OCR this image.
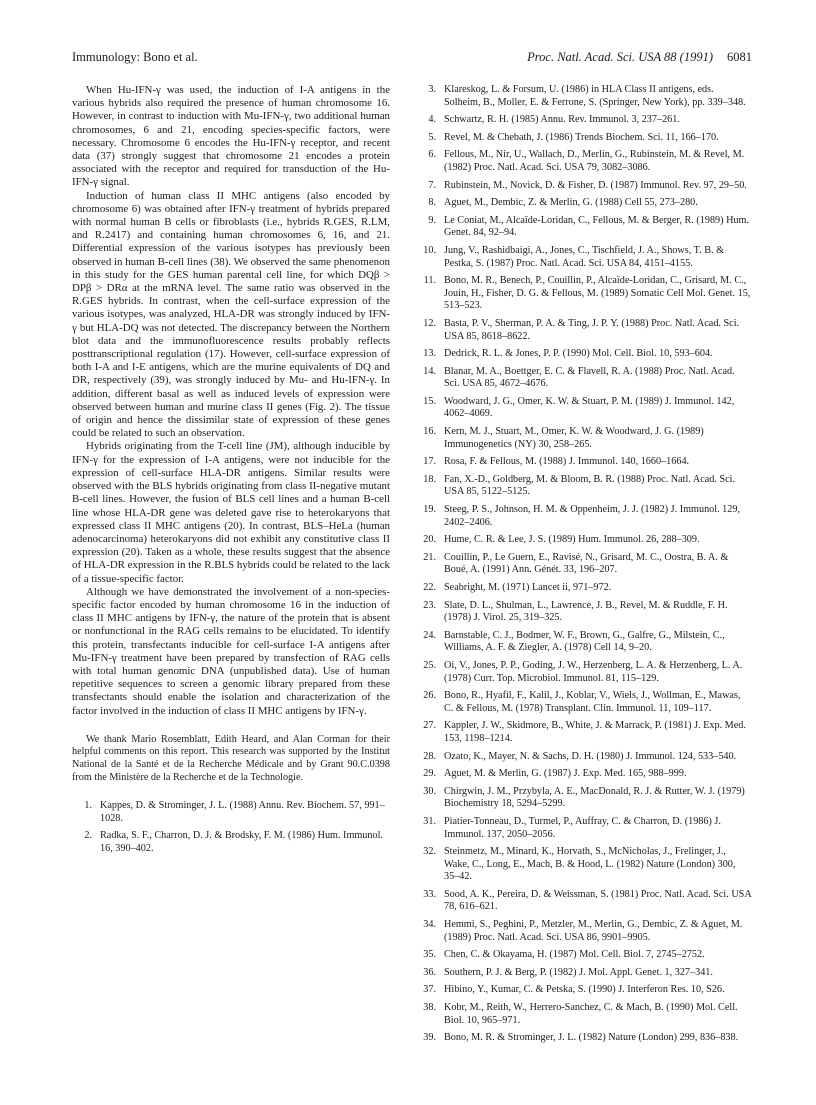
Immunology: Bono et al.	Proc. Natl. Acad. Sci. USA 88 (1991) 6081

When Hu-IFN-γ was used, the induction of I-A antigens in the various hybrids also required the presence of human chromosome 16. However, in contrast to induction with Mu-IFN-γ, two additional human chromosomes, 6 and 21, encoding species-specific factors, were necessary. Chromosome 6 encodes the Hu-IFN-γ receptor, and recent data (37) strongly suggest that chromosome 21 encodes a protein associated with the receptor and required for transduction of the Hu-IFN-γ signal.

Induction of human class II MHC antigens (also encoded by chromosome 6) was obtained after IFN-γ treatment of hybrids prepared with normal human B cells or fibroblasts (i.e., hybrids R.GES, R.LM, and R.2417) and containing human chromosomes 6, 16, and 21. Differential expression of the various isotypes has previously been observed in human B-cell lines (38). We observed the same phenomenon in this study for the GES human parental cell line, for which DQβ > DPβ > DRα at the mRNA level. The same ratio was observed in the R.GES hybrids. In contrast, when the cell-surface expression of the various isotypes, was analyzed, HLA-DR was strongly induced by IFN-γ but HLA-DQ was not detected. The discrepancy between the Northern blot data and the immunofluorescence results probably reflects posttranscriptional regulation (17). However, cell-surface expression of both I-A and I-E antigens, which are the murine equivalents of DQ and DR, respectively (39), was strongly induced by Mu- and Hu-IFN-γ. In addition, different basal as well as induced levels of expression were observed between human and murine class II genes (Fig. 2). The tissue of origin and hence the dissimilar state of expression of these genes could be related to such an observation.

Hybrids originating from the T-cell line (JM), although inducible by IFN-γ for the expression of I-A antigens, were not inducible for the expression of cell-surface HLA-DR antigens. Similar results were observed with the BLS hybrids originating from class II-negative mutant B-cell lines. However, the fusion of BLS cell lines and a human B-cell line whose HLA-DR gene was deleted gave rise to heterokaryons that expressed class II MHC antigens (20). In contrast, BLS–HeLa (human adenocarcinoma) heterokaryons did not exhibit any constitutive class II expression (20). Taken as a whole, these results suggest that the absence of HLA-DR expression in the R.BLS hybrids could be related to the lack of a tissue-specific factor.

Although we have demonstrated the involvement of a non-species-specific factor encoded by human chromosome 16 in the induction of class II MHC antigens by IFN-γ, the nature of the protein that is absent or nonfunctional in the RAG cells remains to be elucidated. To identify this protein, transfectants inducible for cell-surface I-A antigens after Mu-IFN-γ treatment have been prepared by transfection of RAG cells with total human genomic DNA (unpublished data). Use of human repetitive sequences to screen a genomic library prepared from these transfectants should enable the isolation and characterization of the factor involved in the induction of class II MHC antigens by IFN-γ.

We thank Mario Rosemblatt, Edith Heard, and Alan Corman for their helpful comments on this report. This research was supported by the Institut National de la Santé et de la Recherche Médicale and by Grant 90.C.0398 from the Ministère de la Recherche et de la Technologie.

1. Kappes, D. & Strominger, J. L. (1988) Annu. Rev. Biochem. 57, 991–1028.
2. Radka, S. F., Charron, D. J. & Brodsky, F. M. (1986) Hum. Immunol. 16, 390–402.
3. Klareskog, L. & Forsum, U. (1986) in HLA Class II antigens, eds. Solheim, B., Moller, E. & Ferrone, S. (Springer, New York), pp. 339–348.
4. Schwartz, R. H. (1985) Annu. Rev. Immunol. 3, 237–261.
5. Revel, M. & Chebath, J. (1986) Trends Biochem. Sci. 11, 166–170.
6. Fellous, M., Nir, U., Wallach, D., Merlin, G., Rubinstein, M. & Revel, M. (1982) Proc. Natl. Acad. Sci. USA 79, 3082–3086.
7. Rubinstein, M., Novick, D. & Fisher, D. (1987) Immunol. Rev. 97, 29–50.
8. Aguet, M., Dembic, Z. & Merlin, G. (1988) Cell 55, 273–280.
9. Le Coniat, M., Alcaïde-Loridan, C., Fellous, M. & Berger, R. (1989) Hum. Genet. 84, 92–94.
10. Jung, V., Rashidbaigi, A., Jones, C., Tischfield, J. A., Shows, T. B. & Pestka, S. (1987) Proc. Natl. Acad. Sci. USA 84, 4151–4155.
11. Bono, M. R., Benech, P., Couillin, P., Alcaïde-Loridan, C., Grisard, M. C., Jouin, H., Fisher, D. G. & Fellous, M. (1989) Somatic Cell Mol. Genet. 15, 513–523.
12. Basta, P. V., Sherman, P. A. & Ting, J. P. Y. (1988) Proc. Natl. Acad. Sci. USA 85, 8618–8622.
13. Dedrick, R. L. & Jones, P. P. (1990) Mol. Cell. Biol. 10, 593–604.
14. Blanar, M. A., Boettger, E. C. & Flavell, R. A. (1988) Proc. Natl. Acad. Sci. USA 85, 4672–4676.
15. Woodward, J. G., Omer, K. W. & Stuart, P. M. (1989) J. Immunol. 142, 4062–4069.
16. Kern, M. J., Stuart, M., Omer, K. W. & Woodward, J. G. (1989) Immunogenetics (NY) 30, 258–265.
17. Rosa, F. & Fellous, M. (1988) J. Immunol. 140, 1660–1664.
18. Fan, X.-D., Goldberg, M. & Bloom, B. R. (1988) Proc. Natl. Acad. Sci. USA 85, 5122–5125.
19. Steeg, P. S., Johnson, H. M. & Oppenheim, J. J. (1982) J. Immunol. 129, 2402–2406.
20. Hume, C. R. & Lee, J. S. (1989) Hum. Immunol. 26, 288–309.
21. Couillin, P., Le Guern, E., Ravisé, N., Grisard, M. C., Oostra, B. A. & Boué, A. (1991) Ann. Génét. 33, 196–207.
22. Seabright, M. (1971) Lancet ii, 971–972.
23. Slate, D. L., Shulman, L., Lawrence, J. B., Revel, M. & Ruddle, F. H. (1978) J. Virol. 25, 319–325.
24. Barnstable, C. J., Bodmer, W. F., Brown, G., Galfre, G., Milstein, C., Williams, A. F. & Ziegler, A. (1978) Cell 14, 9–20.
25. Oi, V., Jones, P. P., Goding, J. W., Herzenberg, L. A. & Herzenberg, L. A. (1978) Curr. Top. Microbiol. Immunol. 81, 115–129.
26. Bono, R., Hyafil, F., Kalil, J., Koblar, V., Wiels, J., Wollman, E., Mawas, C. & Fellous, M. (1978) Transplant. Clin. Immunol. 11, 109–117.
27. Kappler, J. W., Skidmore, B., White, J. & Marrack, P. (1981) J. Exp. Med. 153, 1198–1214.
28. Ozato, K., Mayer, N. & Sachs, D. H. (1980) J. Immunol. 124, 533–540.
29. Aguet, M. & Merlin, G. (1987) J. Exp. Med. 165, 988–999.
30. Chirgwin, J. M., Przybyla, A. E., MacDonald, R. J. & Rutter, W. J. (1979) Biochemistry 18, 5294–5299.
31. Piatier-Tonneau, D., Turmel, P., Auffray, C. & Charron, D. (1986) J. Immunol. 137, 2050–2056.
32. Steinmetz, M., Minard, K., Horvath, S., McNicholas, J., Frelinger, J., Wake, C., Long, E., Mach, B. & Hood, L. (1982) Nature (London) 300, 35–42.
33. Sood, A. K., Pereira, D. & Weissman, S. (1981) Proc. Natl. Acad. Sci. USA 78, 616–621.
34. Hemmi, S., Peghini, P., Metzler, M., Merlin, G., Dembic, Z. & Aguet, M. (1989) Proc. Natl. Acad. Sci. USA 86, 9901–9905.
35. Chen, C. & Okayama, H. (1987) Mol. Cell. Biol. 7, 2745–2752.
36. Southern, P. J. & Berg, P. (1982) J. Mol. Appl. Genet. 1, 327–341.
37. Hibino, Y., Kumar, C. & Petska, S. (1990) J. Interferon Res. 10, S26.
38. Kobr, M., Reith, W., Herrero-Sanchez, C. & Mach, B. (1990) Mol. Cell. Biol. 10, 965–971.
39. Bono, M. R. & Strominger, J. L. (1982) Nature (London) 299, 836–838.
